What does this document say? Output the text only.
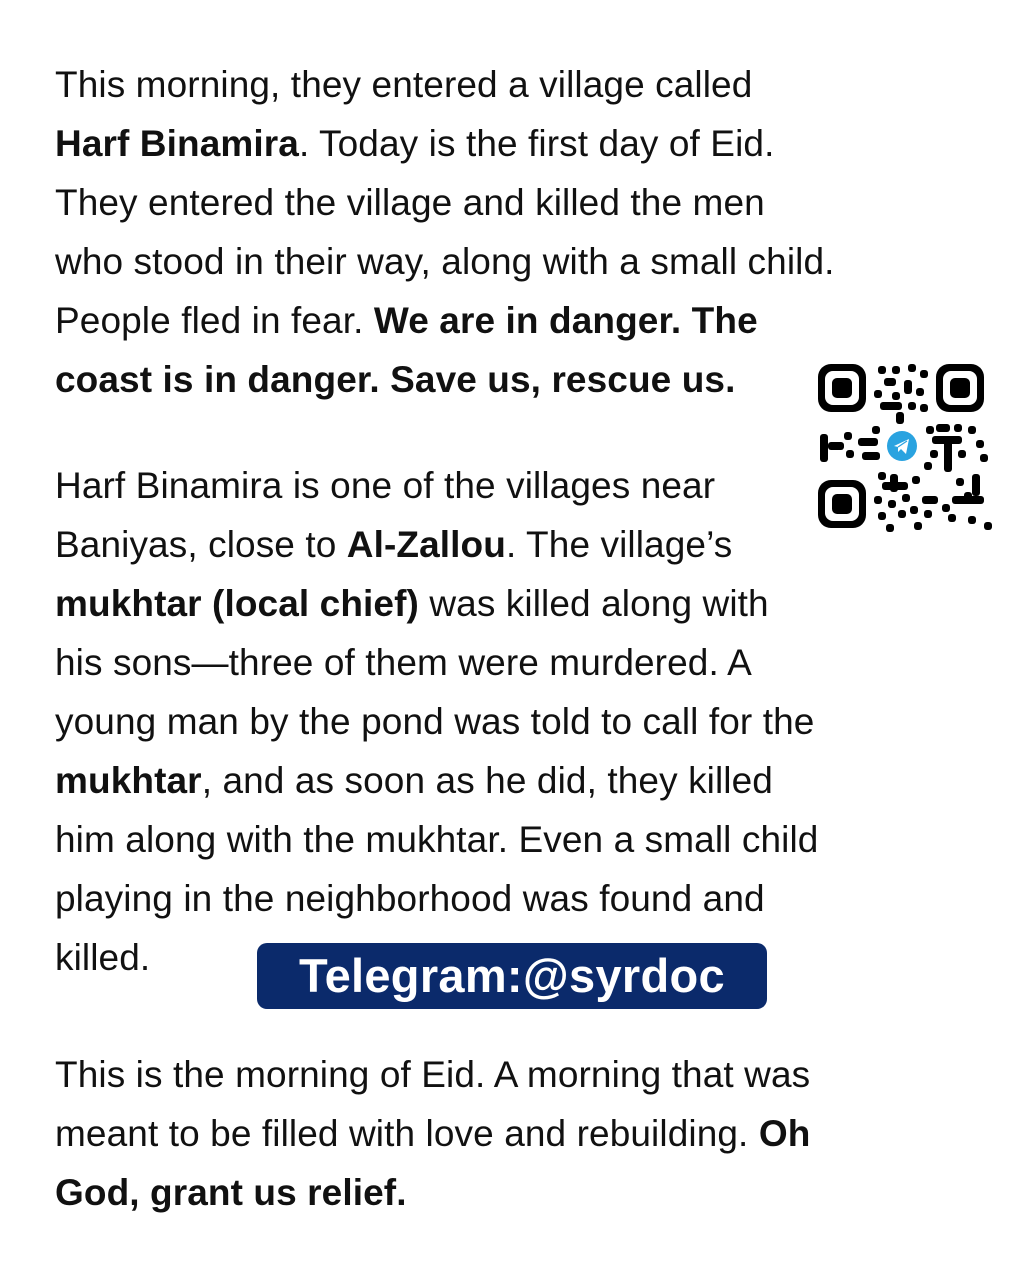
This morning, they entered a village called
Harf Binamira. Today is the first day of Eid.
They entered the village and killed the men
who stood in their way, along with a small child.
People fled in fear. We are in danger. The
coast is in danger. Save us, rescue us.
Harf Binamira is one of the villages near
Baniyas, close to Al-Zallou. The village’s
mukhtar (local chief) was killed along with
his sons—three of them were murdered. A
young man by the pond was told to call for the
mukhtar, and as soon as he did, they killed
him along with the mukhtar. Even a small child
playing in the neighborhood was found and
killed.
This is the morning of Eid. A morning that was
meant to be filled with love and rebuilding. Oh
God, grant us relief.
Telegram:@syrdoc
